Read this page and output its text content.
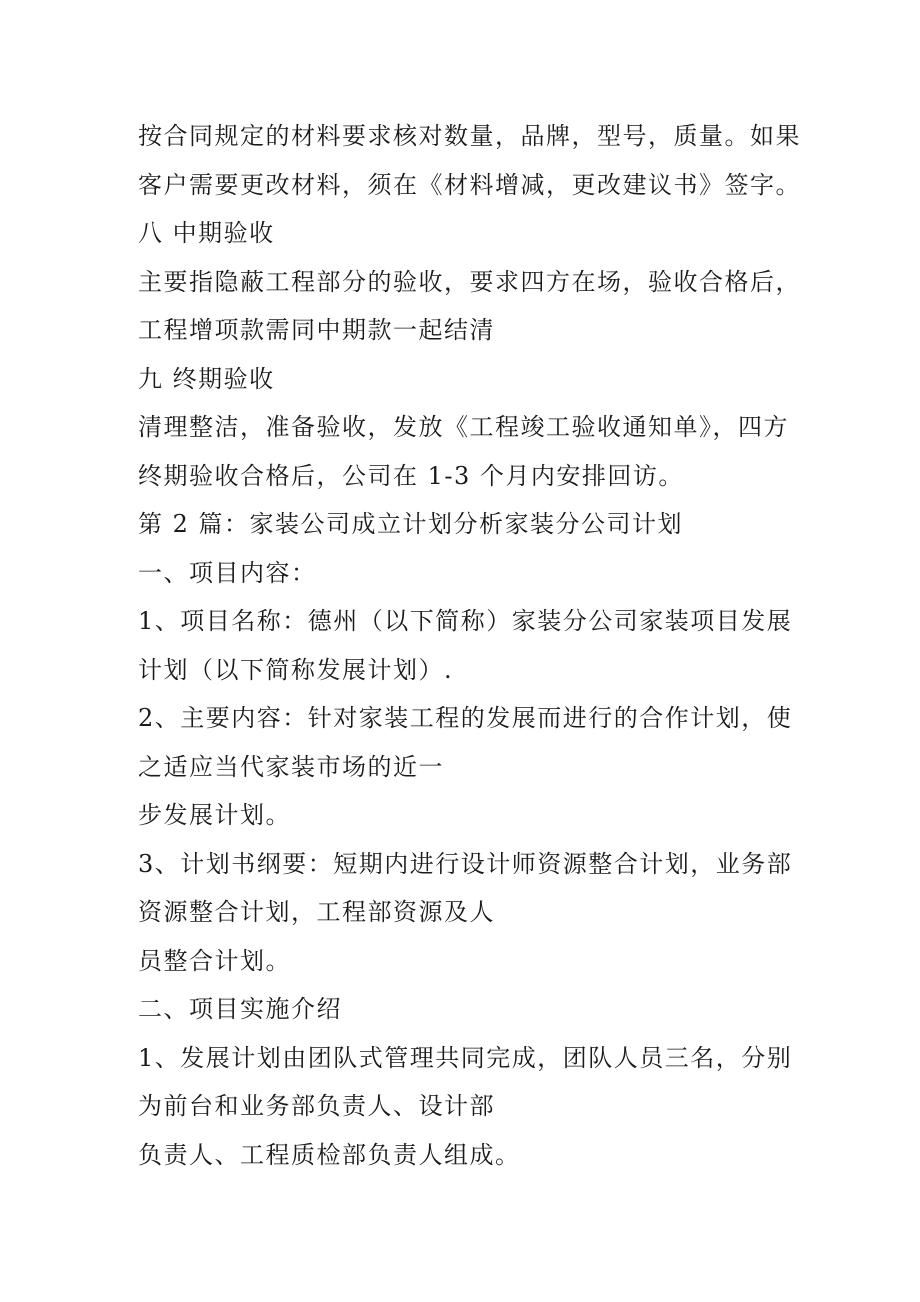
按合同规定的材料要求核对数量，品牌，型号，质量。如果
客户需要更改材料，须在《材料增减，更改建议书》签字。
八 中期验收
主要指隐蔽工程部分的验收，要求四方在场，验收合格后，
工程增项款需同中期款一起结清
九 终期验收
清理整洁，准备验收，发放《工程竣工验收通知单》，四方
终期验收合格后，公司在 1-3 个月内安排回访。
第 2 篇：家装公司成立计划分析家装分公司计划
一、项目内容：
1、项目名称：德州（以下简称）家装分公司家装项目发展
计划（以下简称发展计划）.
2、主要内容：针对家装工程的发展而进行的合作计划，使
之适应当代家装市场的近一
步发展计划。
3、计划书纲要：短期内进行设计师资源整合计划，业务部
资源整合计划，工程部资源及人
员整合计划。
二、项目实施介绍
1、发展计划由团队式管理共同完成，团队人员三名，分别
为前台和业务部负责人、设计部
负责人、工程质检部负责人组成。
